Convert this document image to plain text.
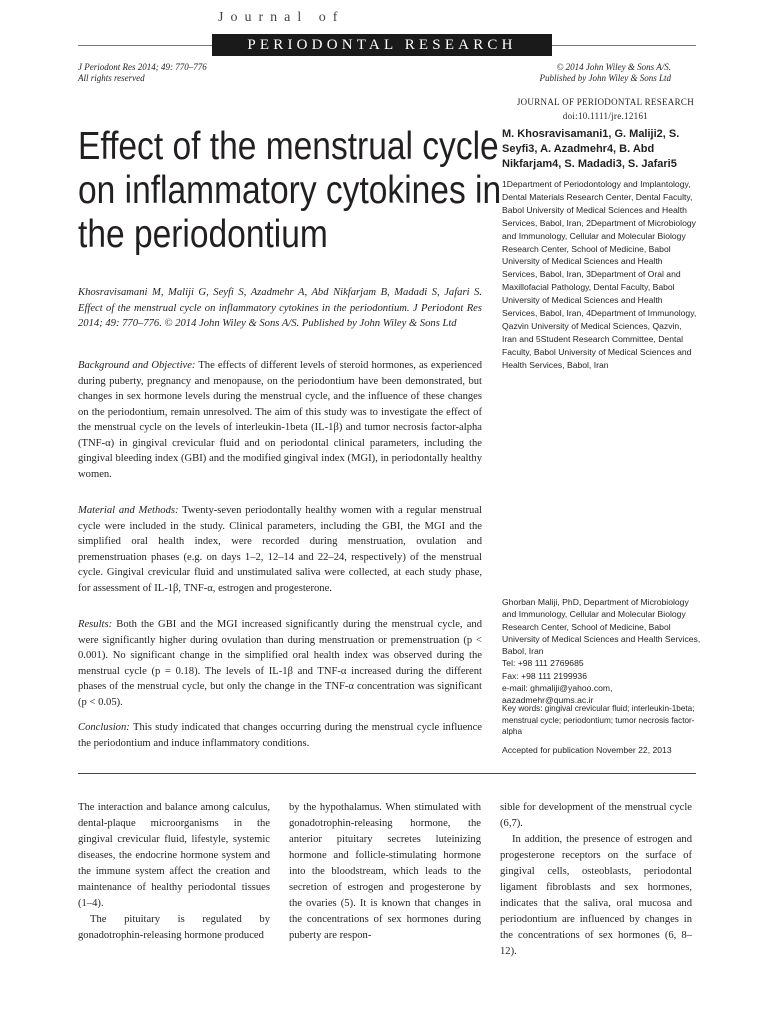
Journal of
PERIODONTAL RESEARCH
J Periodont Res 2014; 49: 770–776
All rights reserved
© 2014 John Wiley & Sons A/S.
Published by John Wiley & Sons Ltd
JOURNAL OF PERIODONTAL RESEARCH
doi:10.1111/jre.12161
Effect of the menstrual cycle
on inflammatory cytokines in
the periodontium
M. Khosravisamani1, G. Maliji2, S. Seyfi3, A. Azadmehr4, B. Abd Nikfarjam4, S. Madadi3, S. Jafari5
1Department of Periodontology and Implantology, Dental Materials Research Center, Dental Faculty, Babol University of Medical Sciences and Health Services, Babol, Iran, 2Department of Microbiology and Immunology, Cellular and Molecular Biology Research Center, School of Medicine, Babol University of Medical Sciences and Health Services, Babol, Iran, 3Department of Oral and Maxillofacial Pathology, Dental Faculty, Babol University of Medical Sciences and Health Services, Babol, Iran, 4Department of Immunology, Qazvin University of Medical Sciences, Qazvin, Iran and 5Student Research Committee, Dental Faculty, Babol University of Medical Sciences and Health Services, Babol, Iran
Khosravisamani M, Maliji G, Seyfi S, Azadmehr A, Abd Nikfarjam B, Madadi S, Jafari S. Effect of the menstrual cycle on inflammatory cytokines in the periodontium. J Periodont Res 2014; 49: 770–776. © 2014 John Wiley & Sons A/S. Published by John Wiley & Sons Ltd

Background and Objective: The effects of different levels of steroid hormones, as experienced during puberty, pregnancy and menopause, on the periodontium have been demonstrated, but changes in sex hormone levels during the menstrual cycle, and the influence of these changes on the periodontium, remain unresolved. The aim of this study was to investigate the effect of the menstrual cycle on the levels of interleukin-1beta (IL-1β) and tumor necrosis factor-alpha (TNF-α) in gingival crevicular fluid and on periodontal clinical parameters, including the gingival bleeding index (GBI) and the modified gingival index (MGI), in periodontally healthy women.

Material and Methods: Twenty-seven periodontally healthy women with a regular menstrual cycle were included in the study. Clinical parameters, including the GBI, the MGI and the simplified oral health index, were recorded during menstruation, ovulation and premenstruation phases (e.g. on days 1–2, 12–14 and 22–24, respectively) of the menstrual cycle. Gingival crevicular fluid and unstimulated saliva were collected, at each study phase, for assessment of IL-1β, TNF-α, estrogen and progesterone.

Results: Both the GBI and the MGI increased significantly during the menstrual cycle, and were significantly higher during ovulation than during menstruation or premenstruation (p < 0.001). No significant change in the simplified oral health index was observed during the menstrual cycle (p = 0.18). The levels of IL-1β and TNF-α increased during the different phases of the menstrual cycle, but only the change in the TNF-α concentration was significant (p < 0.05).

Conclusion: This study indicated that changes occurring during the menstrual cycle influence the periodontium and induce inflammatory conditions.

Ghorban Maliji, PhD, Department of Microbiology and Immunology, Cellular and Molecular Biology Research Center, School of Medicine, Babol University of Medical Sciences and Health Services, Babol, Iran
Tel: +98 111 2769685
Fax: +98 111 2199936
e-mail: ghmaliji@yahoo.com,
aazadmehr@qums.ac.ir
Key words: gingival crevicular fluid; interleukin-1beta; menstrual cycle; periodontium; tumor necrosis factor-alpha
Accepted for publication November 22, 2013

The interaction and balance among calculus, dental-plaque microorganisms in the gingival crevicular fluid, lifestyle, systemic diseases, the endocrine hormone system and the immune system affect the creation and maintenance of healthy periodontal tissues (1–4).

The pituitary is regulated by gonadotrophin-releasing hormone produced

by the hypothalamus. When stimulated with gonadotrophin-releasing hormone, the anterior pituitary secretes luteinizing hormone and follicle-stimulating hormone into the bloodstream, which leads to the secretion of estrogen and progesterone by the ovaries (5). It is known that changes in the concentrations of sex hormones during puberty are respon-

sible for development of the menstrual cycle (6,7).

In addition, the presence of estrogen and progesterone receptors on the surface of gingival cells, osteoblasts, periodontal ligament fibroblasts and sex hormones, indicates that the saliva, oral mucosa and periodontium are influenced by changes in the concentrations of sex hormones (6, 8–12).
